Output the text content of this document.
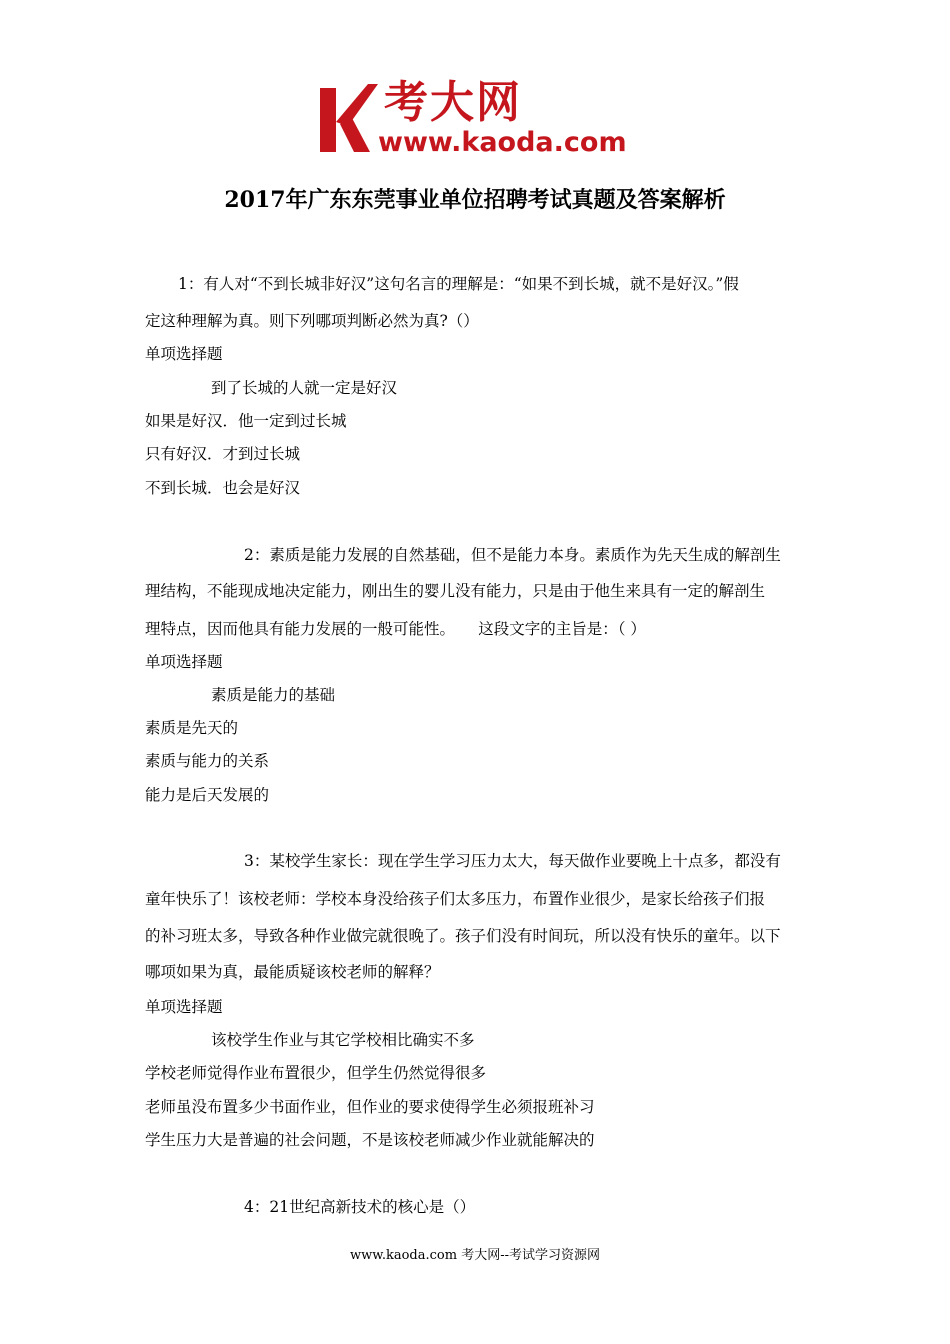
考大网
www.kaoda.com
2017年广东东莞事业单位招聘考试真题及答案解析
1：有人对“不到长城非好汉”这句名言的理解是：“如果不到长城，就不是好汉。”假
定这种理解为真。则下列哪项判断必然为真?（）
单项选择题
到了长城的人就一定是好汉
如果是好汉．他一定到过长城
只有好汉．才到过长城
不到长城．也会是好汉
2：素质是能力发展的自然基础，但不是能力本身。素质作为先天生成的解剖生
理结构，不能现成地决定能力，刚出生的婴儿没有能力，只是由于他生来具有一定的解剖生
理特点，因而他具有能力发展的一般可能性。　　这段文字的主旨是：（ ）
单项选择题
素质是能力的基础
素质是先天的
素质与能力的关系
能力是后天发展的
3：某校学生家长：现在学生学习压力太大，每天做作业要晚上十点多，都没有
童年快乐了！该校老师：学校本身没给孩子们太多压力，布置作业很少，是家长给孩子们报
的补习班太多，导致各种作业做完就很晚了。孩子们没有时间玩，所以没有快乐的童年。以下
哪项如果为真，最能质疑该校老师的解释？
单项选择题
该校学生作业与其它学校相比确实不多
学校老师觉得作业布置很少，但学生仍然觉得很多
老师虽没布置多少书面作业，但作业的要求使得学生必须报班补习
学生压力大是普遍的社会问题，不是该校老师减少作业就能解决的
4：21世纪高新技术的核心是（）
www.kaoda.com 考大网--考试学习资源网
